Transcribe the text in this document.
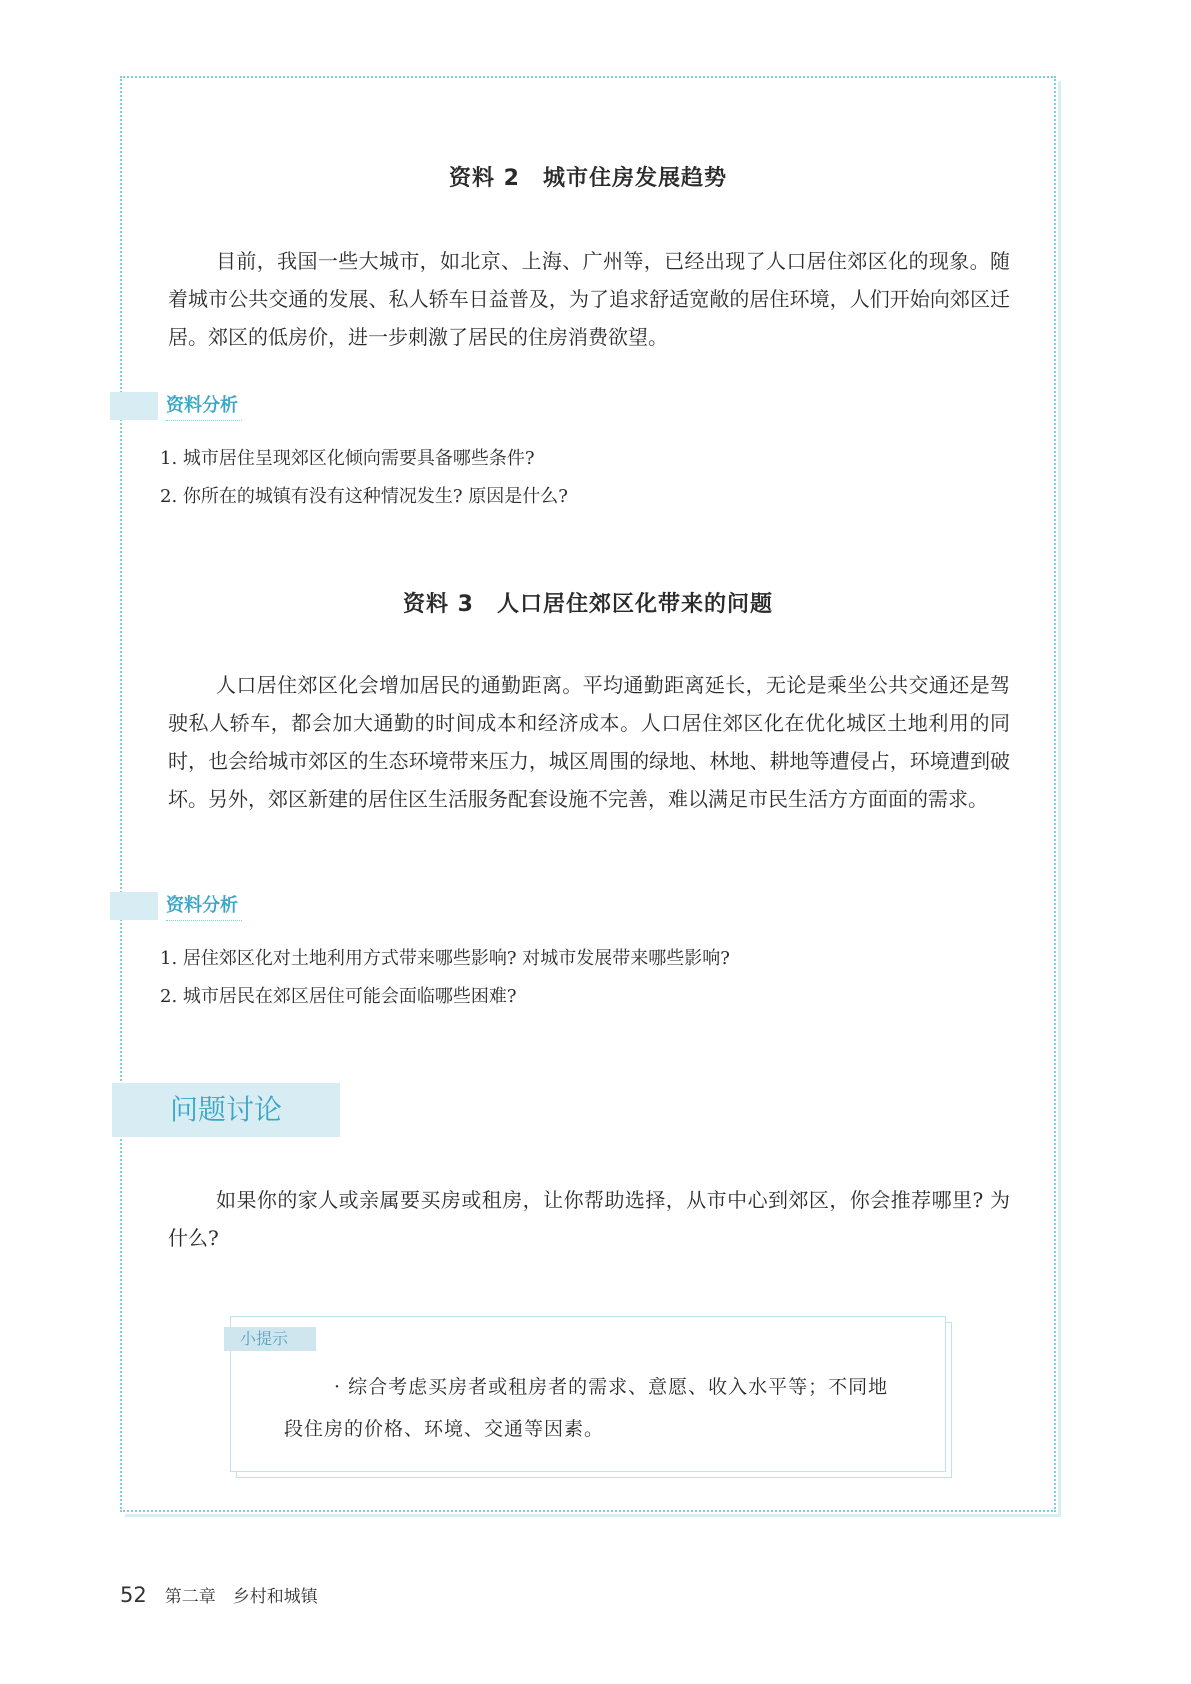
资料 2　城市住房发展趋势

目前，我国一些大城市，如北京、上海、广州等，已经出现了人口居住郊区化的现象。随着城市公共交通的发展、私人轿车日益普及，为了追求舒适宽敞的居住环境，人们开始向郊区迁居。郊区的低房价，进一步刺激了居民的住房消费欲望。

资料分析
1. 城市居住呈现郊区化倾向需要具备哪些条件?
2. 你所在的城镇有没有这种情况发生? 原因是什么?
资料 3　人口居住郊区化带来的问题

人口居住郊区化会增加居民的通勤距离。平均通勤距离延长，无论是乘坐公共交通还是驾驶私人轿车，都会加大通勤的时间成本和经济成本。人口居住郊区化在优化城区土地利用的同时，也会给城市郊区的生态环境带来压力，城区周围的绿地、林地、耕地等遭侵占，环境遭到破坏。另外，郊区新建的居住区生活服务配套设施不完善，难以满足市民生活方方面面的需求。

资料分析
1. 居住郊区化对土地利用方式带来哪些影响? 对城市发展带来哪些影响?
2. 城市居民在郊区居住可能会面临哪些困难?
问题讨论

如果你的家人或亲属要买房或租房，让你帮助选择，从市中心到郊区，你会推荐哪里? 为什么?

小提示

· 综合考虑买房者或租房者的需求、意愿、收入水平等；不同地段住房的价格、环境、交通等因素。

52 第二章　乡村和城镇
